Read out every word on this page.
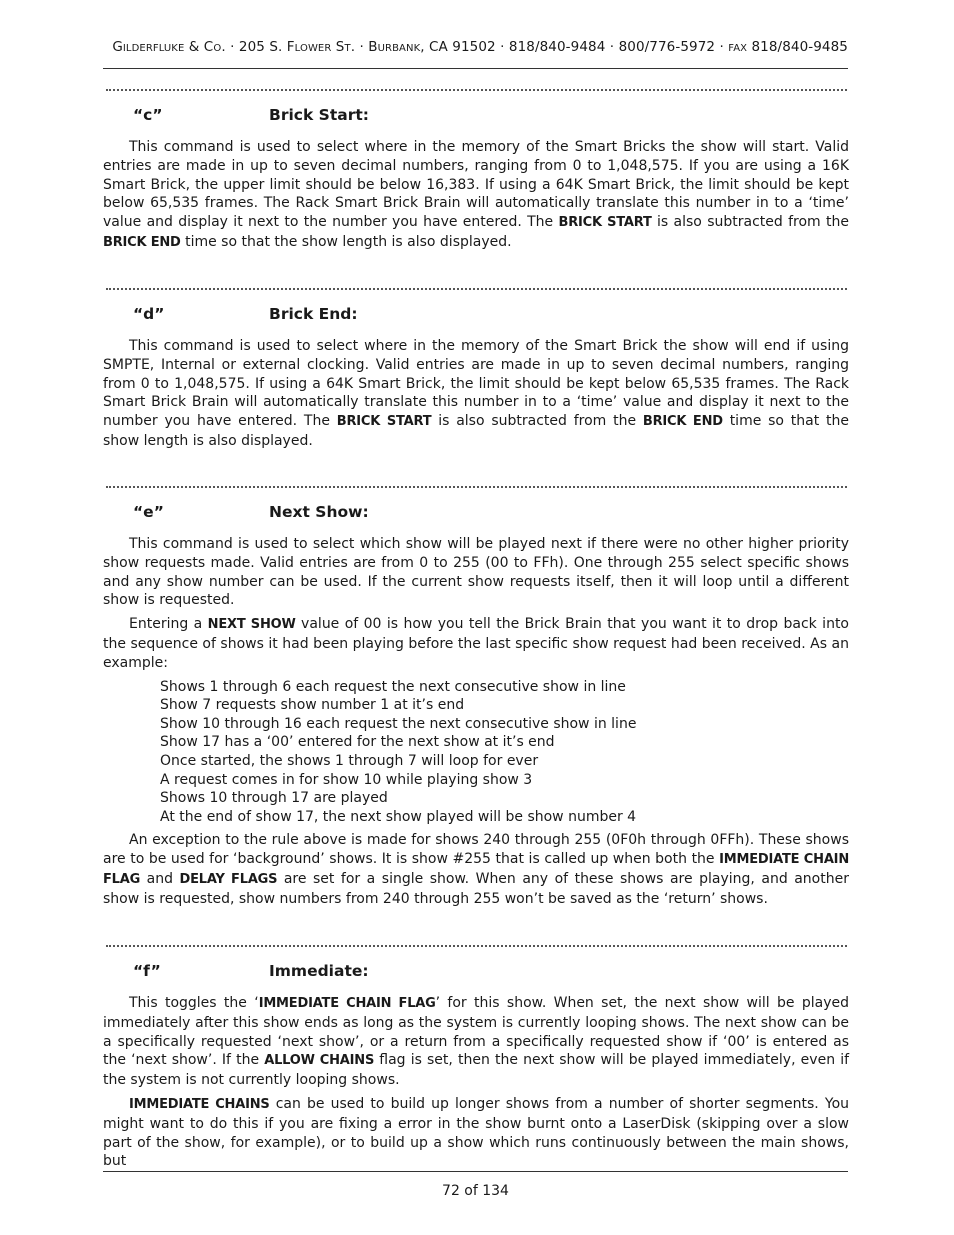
GILDERFLUKE & CO. · 205 S. FLOWER ST. · BURBANK, CA 91502 · 818/840-9484 · 800/776-5972 · FAX 818/840-9485
“c”	Brick Start:

This command is used to select where in the memory of the Smart Bricks the show will start. Valid entries are made in up to seven decimal numbers, ranging from 0 to 1,048,575. If you are using a 16K Smart Brick, the upper limit should be below 16,383. If using a 64K Smart Brick, the limit should be kept below 65,535 frames. The Rack Smart Brick Brain will automatically translate this number in to a ‘time’ value and display it next to the number you have entered. The BRICK START is also subtracted from the BRICK END time so that the show length is also displayed.

“d”	Brick End:

This command is used to select where in the memory of the Smart Brick the show will end if using SMPTE, Internal or external clocking. Valid entries are made in up to seven decimal numbers, ranging from 0 to 1,048,575. If using a 64K Smart Brick, the limit should be kept below 65,535 frames. The Rack Smart Brick Brain will automatically translate this number in to a ‘time’ value and display it next to the number you have entered. The BRICK START is also subtracted from the BRICK END time so that the show length is also displayed.

“e”	Next Show:

This command is used to select which show will be played next if there were no other higher priority show requests made. Valid entries are from 0 to 255 (00 to FFh). One through 255 select specific shows and any show number can be used. If the current show requests itself, then it will loop until a different show is requested.

Entering a NEXT SHOW value of 00 is how you tell the Brick Brain that you want it to drop back into the sequence of shows it had been playing before the last specific show request had been received. As an example:

Shows 1 through 6 each request the next consecutive show in line
Show 7 requests show number 1 at it’s end
Show 10 through 16 each request the next consecutive show in line
Show 17 has a ‘00’ entered for the next show at it’s end
Once started, the shows 1 through 7 will loop for ever
A request comes in for show 10 while playing show 3
Shows 10 through 17 are played
At the end of show 17, the next show played will be show number 4

An exception to the rule above is made for shows 240 through 255 (0F0h through 0FFh). These shows are to be used for ‘background’ shows. It is show #255 that is called up when both the IMMEDIATE CHAIN FLAG and DELAY FLAGS are set for a single show. When any of these shows are playing, and another show is requested, show numbers from 240 through 255 won’t be saved as the ‘return’ shows.

“f”	Immediate:

This toggles the ‘IMMEDIATE CHAIN FLAG’ for this show. When set, the next show will be played immediately after this show ends as long as the system is currently looping shows. The next show can be a specifically requested ‘next show’, or a return from a specifically requested show if ‘00’ is entered as the ‘next show’. If the ALLOW CHAINS flag is set, then the next show will be played immediately, even if the system is not currently looping shows.

IMMEDIATE CHAINS can be used to build up longer shows from a number of shorter segments. You might want to do this if you are fixing a error in the show burnt onto a LaserDisk (skipping over a slow part of the show, for example), or to build up a show which runs continuously between the main shows, but

72 of 134
